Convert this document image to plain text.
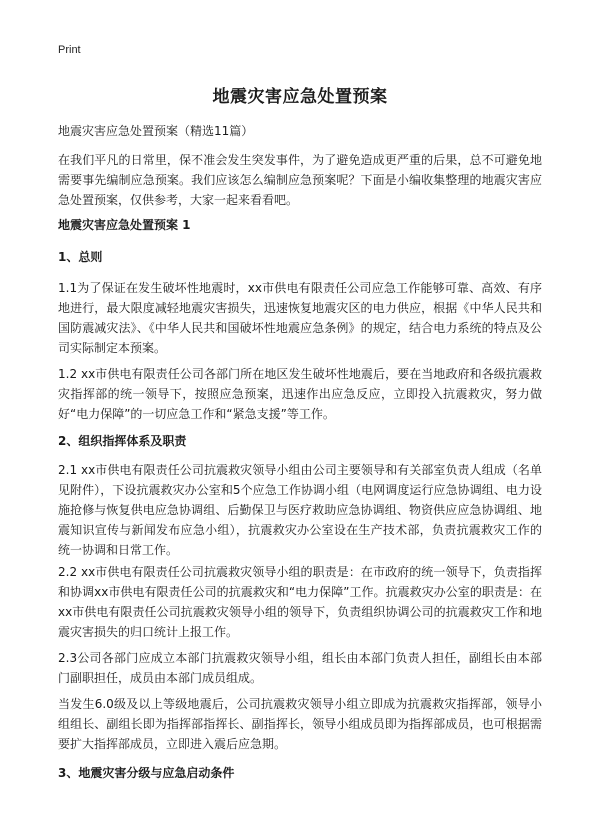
Print
地震灾害应急处置预案
地震灾害应急处置预案（精选11篇）

在我们平凡的日常里，保不准会发生突发事件，为了避免造成更严重的后果，总不可避免地需要事先编制应急预案。我们应该怎么编制应急预案呢？下面是小编收集整理的地震灾害应急处置预案，仅供参考，大家一起来看看吧。

地震灾害应急处置预案 1
1、总则

1.1为了保证在发生破坏性地震时，xx市供电有限责任公司应急工作能够可靠、高效、有序地进行，最大限度减轻地震灾害损失，迅速恢复地震灾区的电力供应，根据《中华人民共和国防震减灾法》、《中华人民共和国破坏性地震应急条例》的规定，结合电力系统的特点及公司实际制定本预案。

1.2 xx市供电有限责任公司各部门所在地区发生破坏性地震后，要在当地政府和各级抗震救灾指挥部的统一领导下，按照应急预案，迅速作出应急反应，立即投入抗震救灾，努力做好“电力保障”的一切应急工作和“紧急支援”等工作。

2、组织指挥体系及职责

2.1 xx市供电有限责任公司抗震救灾领导小组由公司主要领导和有关部室负责人组成（名单见附件），下设抗震救灾办公室和5个应急工作协调小组（电网调度运行应急协调组、电力设施抢修与恢复供电应急协调组、后勤保卫与医疗救助应急协调组、物资供应应急协调组、地震知识宣传与新闻发布应急小组），抗震救灾办公室设在生产技术部，负责抗震救灾工作的统一协调和日常工作。

2.2 xx市供电有限责任公司抗震救灾领导小组的职责是：在市政府的统一领导下，负责指挥和协调xx市供电有限责任公司的抗震救灾和“电力保障”工作。抗震救灾办公室的职责是：在xx市供电有限责任公司抗震救灾领导小组的领导下，负责组织协调公司的抗震救灾工作和地震灾害损失的归口统计上报工作。

2.3公司各部门应成立本部门抗震救灾领导小组，组长由本部门负责人担任，副组长由本部门副职担任，成员由本部门成员组成。

当发生6.0级及以上等级地震后，公司抗震救灾领导小组立即成为抗震救灾指挥部，领导小组组长、副组长即为指挥部指挥长、副指挥长，领导小组成员即为指挥部成员，也可根据需要扩大指挥部成员，立即进入震后应急期。

3、地震灾害分级与应急启动条件
